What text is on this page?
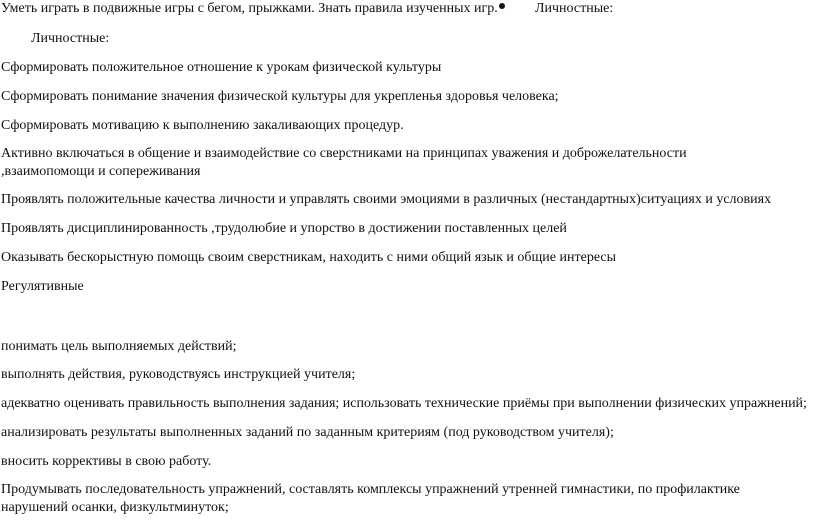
Уметь играть в подвижные игры с бегом, прыжками. Знать правила изученных игр.	Личностные:
Личностные:
Сформировать положительное отношение к урокам физической культуры
Сформировать понимание значения физической культуры для укрепленья здоровья человека;
Сформировать мотивацию к выполнению закаливающих процедур.
Активно включаться в общение и взаимодействие со сверстниками на принципах уважения и доброжелательности ,взаимопомощи и сопереживания
Проявлять положительные качества личности и управлять своими эмоциями в различных (нестандартных)ситуациях и условиях
Проявлять дисциплинированность ,трудолюбие и упорство в достижении поставленных целей
Оказывать бескорыстную помощь своим сверстникам, находить с ними общий язык и общие интересы
Регулятивные
понимать цель выполняемых действий;
выполнять действия, руководствуясь инструкцией учителя;
адекватно оценивать правильность выполнения задания; использовать технические приёмы при выполнении физических упражнений;
анализировать результаты выполненных заданий по заданным критериям (под руководством учителя);
вносить коррективы в свою работу.
Продумывать последовательность упражнений, составлять комплексы упражнений утренней гимнастики, по профилактике нарушений осанки, физкультминуток;
